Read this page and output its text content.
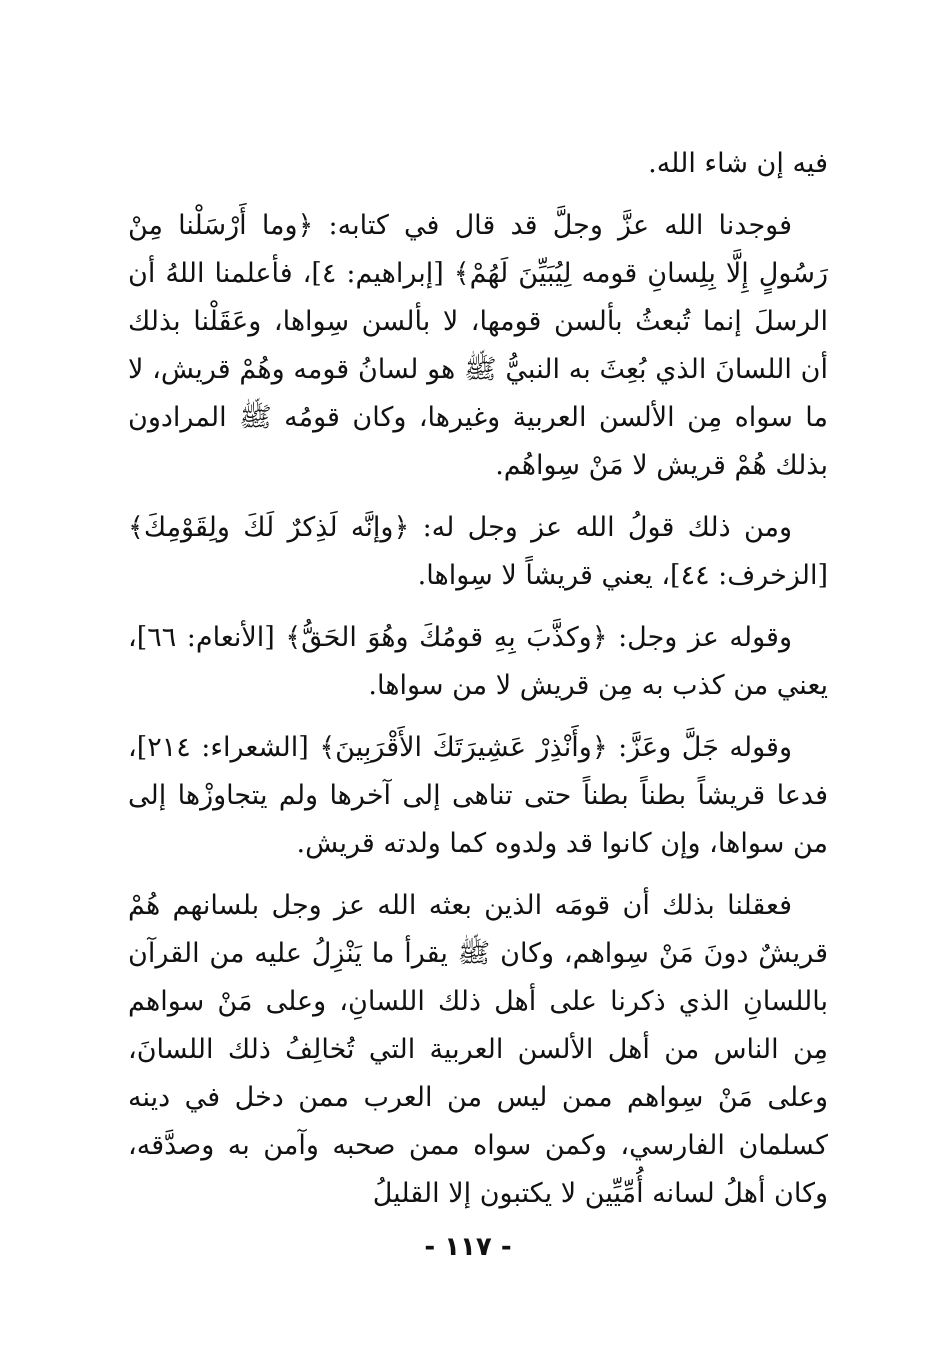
فيه إن شاء الله.

فوجدنا الله عزَّ وجلَّ قد قال في كتابه: ﴿وما أَرْسَلْنا مِنْ رَسُولٍ إِلَّا بِلِسانِ قومه لِيُبَيِّنَ لَهُمْ﴾ [إبراهيم: ٤]، فأعلمنا اللهُ أن الرسلَ إنما تُبعثُ بألسن قومها، لا بألسن سِواها، وعَقَلْنا بذلك أن اللسانَ الذي بُعِثَ به النبيُّ ﷺ هو لسانُ قومه وهُمْ قريش، لا ما سواه مِن الألسن العربية وغيرها، وكان قومُه ﷺ المرادون بذلك هُمْ قريش لا مَنْ سِواهُم.

ومن ذلك قولُ الله عز وجل له: ﴿وإنَّه لَذِكرٌ لَكَ ولِقَوْمِكَ﴾ [الزخرف: ٤٤]، يعني قريشاً لا سِواها.

وقوله عز وجل: ﴿وكذَّبَ بِهِ قومُكَ وهُوَ الحَقُّ﴾ [الأنعام: ٦٦]، يعني من كذب به مِن قريش لا من سواها.

وقوله جَلَّ وعَزَّ: ﴿وأَنْذِرْ عَشِيرَتَكَ الأَقْرَبِينَ﴾ [الشعراء: ٢١٤]، فدعا قريشاً بطناً بطناً حتى تناهى إلى آخرها ولم يتجاوزْها إلى من سواها، وإن كانوا قد ولدوه كما ولدته قريش.

فعقلنا بذلك أن قومَه الذين بعثه الله عز وجل بلسانهم هُمْ قريشٌ دونَ مَنْ سِواهم، وكان ﷺ يقرأ ما يَنْزِلُ عليه من القرآن باللسانِ الذي ذكرنا على أهل ذلك اللسانِ، وعلى مَنْ سواهم مِن الناس من أهل الألسن العربية التي تُخالِفُ ذلك اللسانَ، وعلى مَنْ سِواهم ممن ليس من العرب ممن دخل في دينه كسلمان الفارسي، وكمن سواه ممن صحبه وآمن به وصدَّقه، وكان أهلُ لسانه أُمِّيِّين لا يكتبون إلا القليلُ

- ١١٧ -
